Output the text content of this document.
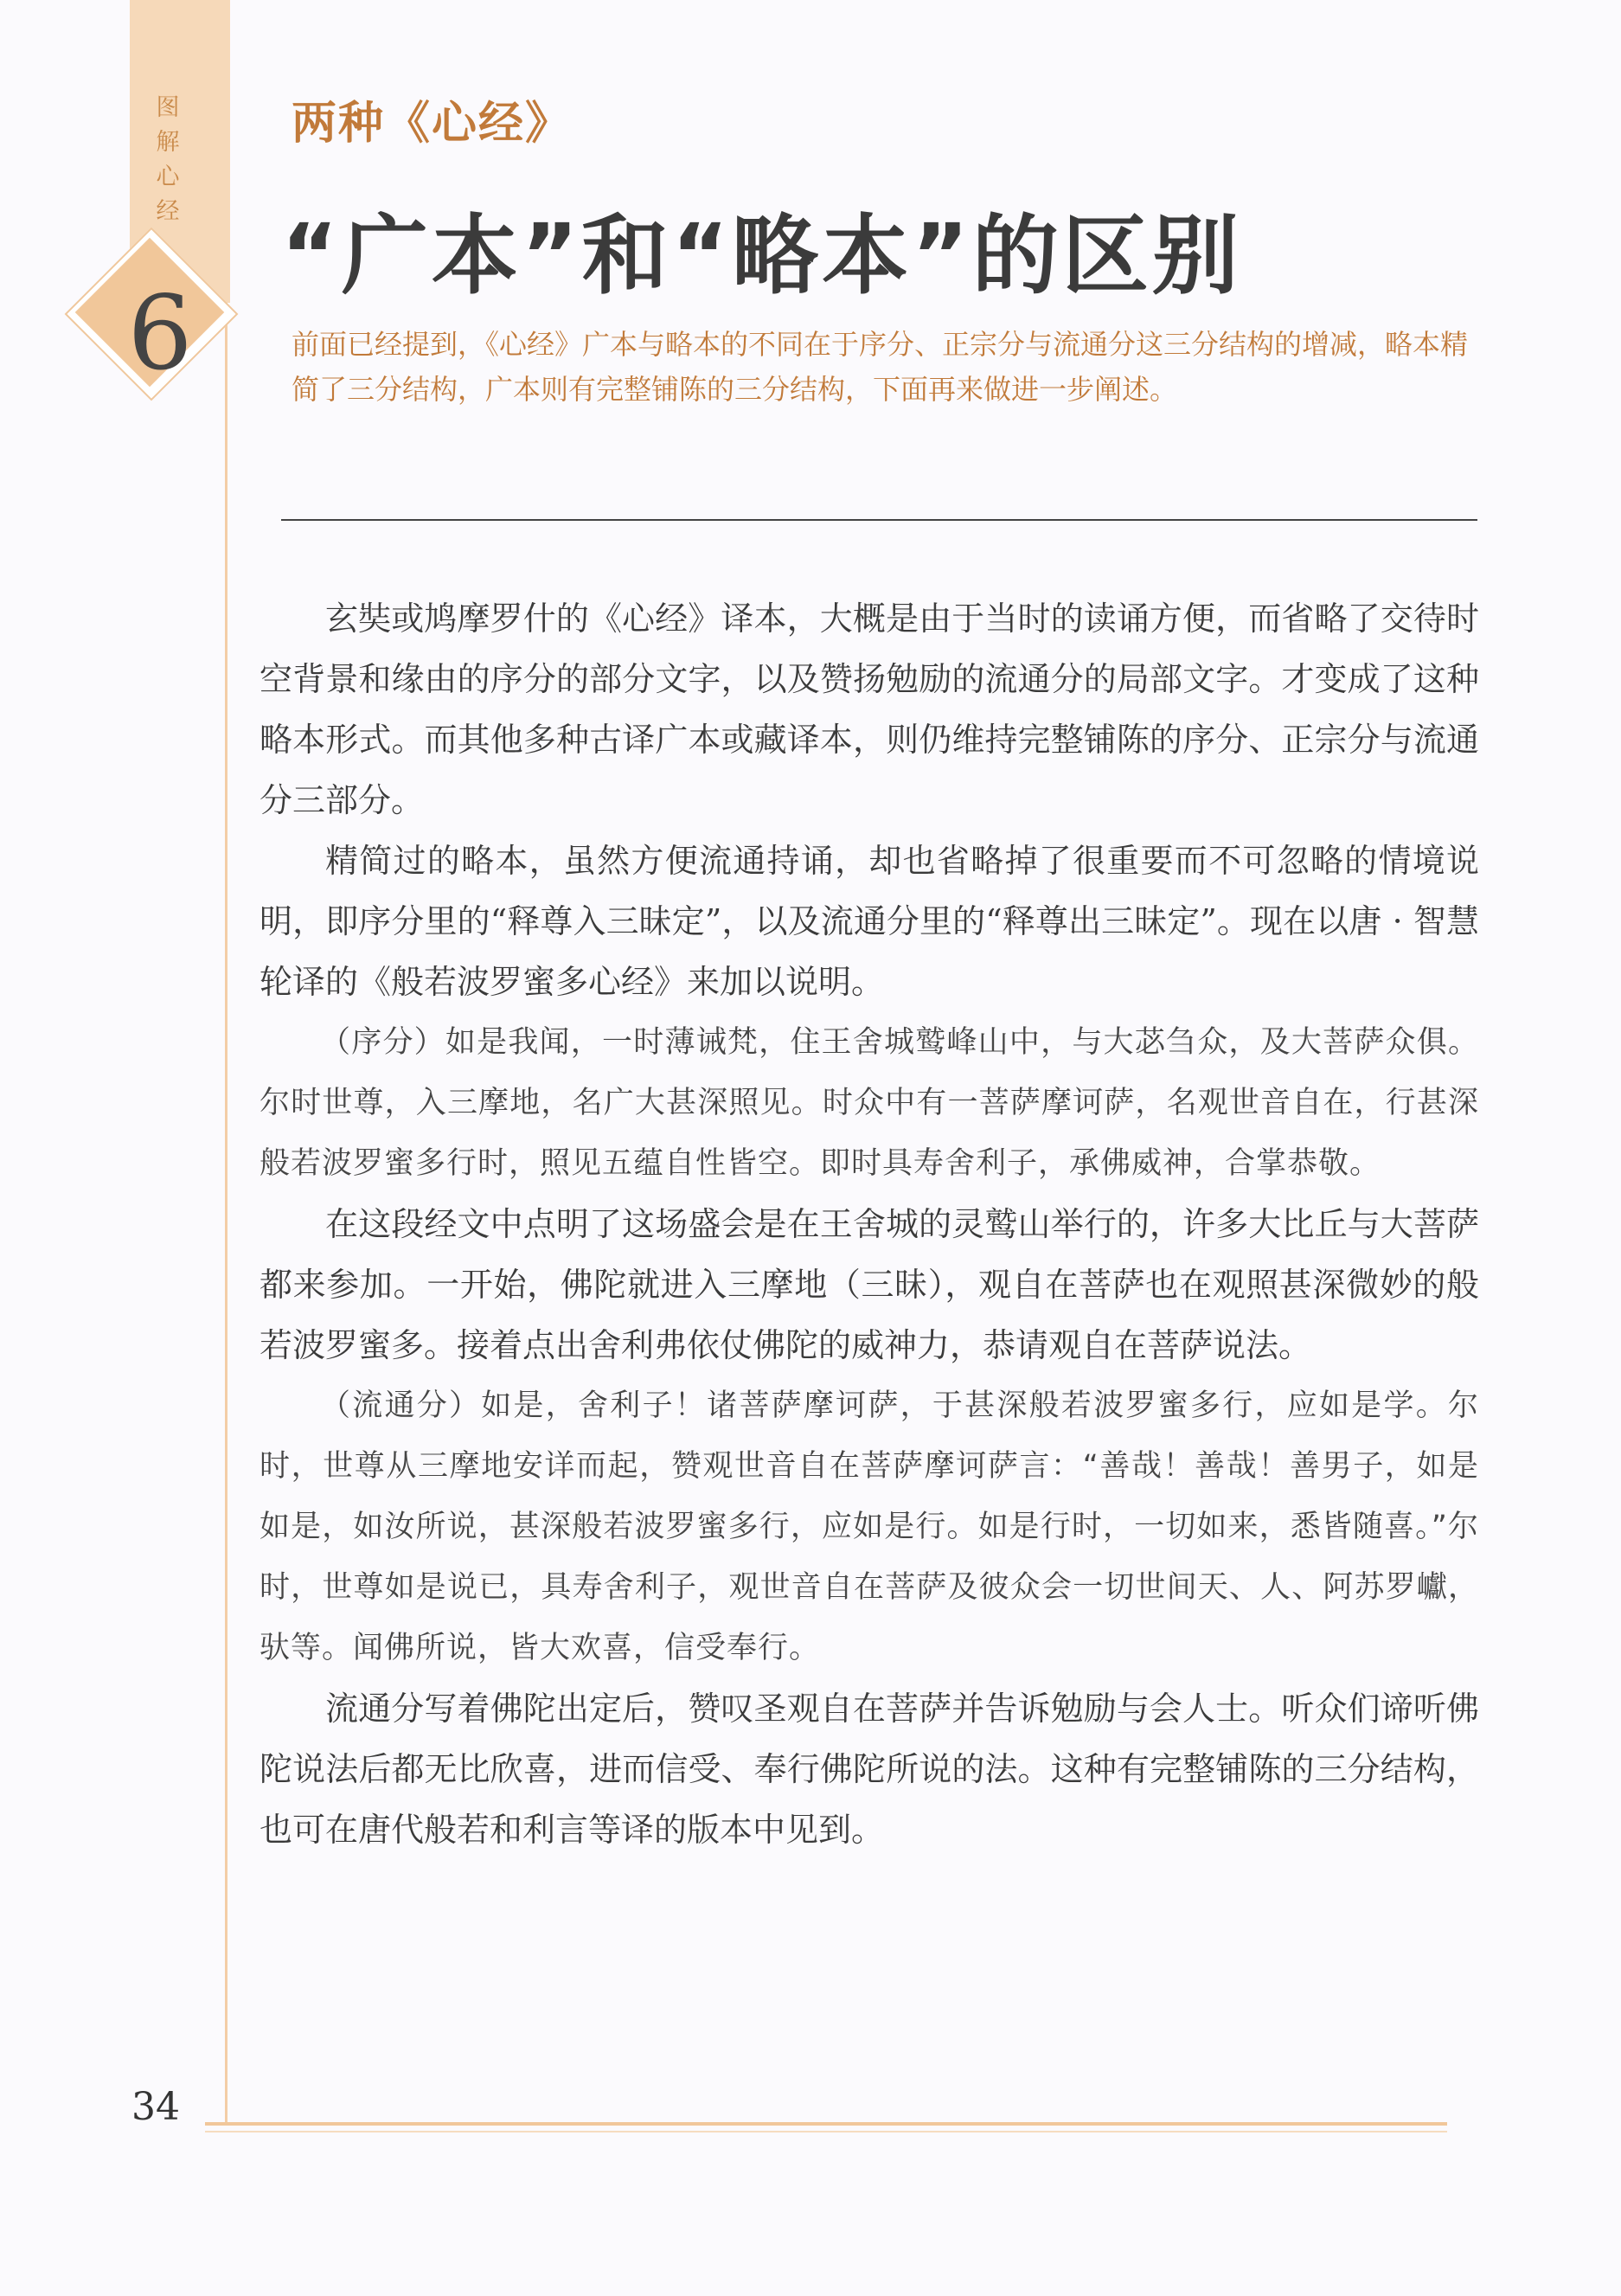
图解心经
6
两种《心经》
“广本”和“略本”的区别
前面已经提到，《心经》广本与略本的不同在于序分、正宗分与流通分这三分结构的增减，略本精简了三分结构，广本则有完整铺陈的三分结构，下面再来做进一步阐述。

玄奘或鸠摩罗什的《心经》译本，大概是由于当时的读诵方便，而省略了交待时空背景和缘由的序分的部分文字，以及赞扬勉励的流通分的局部文字。才变成了这种略本形式。而其他多种古译广本或藏译本，则仍维持完整铺陈的序分、正宗分与流通分三部分。

精简过的略本，虽然方便流通持诵，却也省略掉了很重要而不可忽略的情境说明，即序分里的“释尊入三昧定”，以及流通分里的“释尊出三昧定”。现在以唐 · 智慧轮译的《般若波罗蜜多心经》来加以说明。

（序分）如是我闻，一时薄诫梵，住王舍城鹫峰山中，与大苾刍众，及大菩萨众俱。尔时世尊，入三摩地，名广大甚深照见。时众中有一菩萨摩诃萨，名观世音自在，行甚深般若波罗蜜多行时，照见五蕴自性皆空。即时具寿舍利子，承佛威神，合掌恭敬。

在这段经文中点明了这场盛会是在王舍城的灵鹫山举行的，许多大比丘与大菩萨都来参加。一开始，佛陀就进入三摩地（三昧），观自在菩萨也在观照甚深微妙的般若波罗蜜多。接着点出舍利弗依仗佛陀的威神力，恭请观自在菩萨说法。

（流通分）如是，舍利子！诸菩萨摩诃萨，于甚深般若波罗蜜多行，应如是学。尔时，世尊从三摩地安详而起，赞观世音自在菩萨摩诃萨言：“善哉！善哉！善男子，如是如是，如汝所说，甚深般若波罗蜜多行，应如是行。如是行时，一切如来，悉皆随喜。”尔时，世尊如是说已，具寿舍利子，观世音自在菩萨及彼众会一切世间天、人、阿苏罗巘，驮等。闻佛所说，皆大欢喜，信受奉行。

流通分写着佛陀出定后，赞叹圣观自在菩萨并告诉勉励与会人士。听众们谛听佛陀说法后都无比欣喜，进而信受、奉行佛陀所说的法。这种有完整铺陈的三分结构，也可在唐代般若和利言等译的版本中见到。

34
